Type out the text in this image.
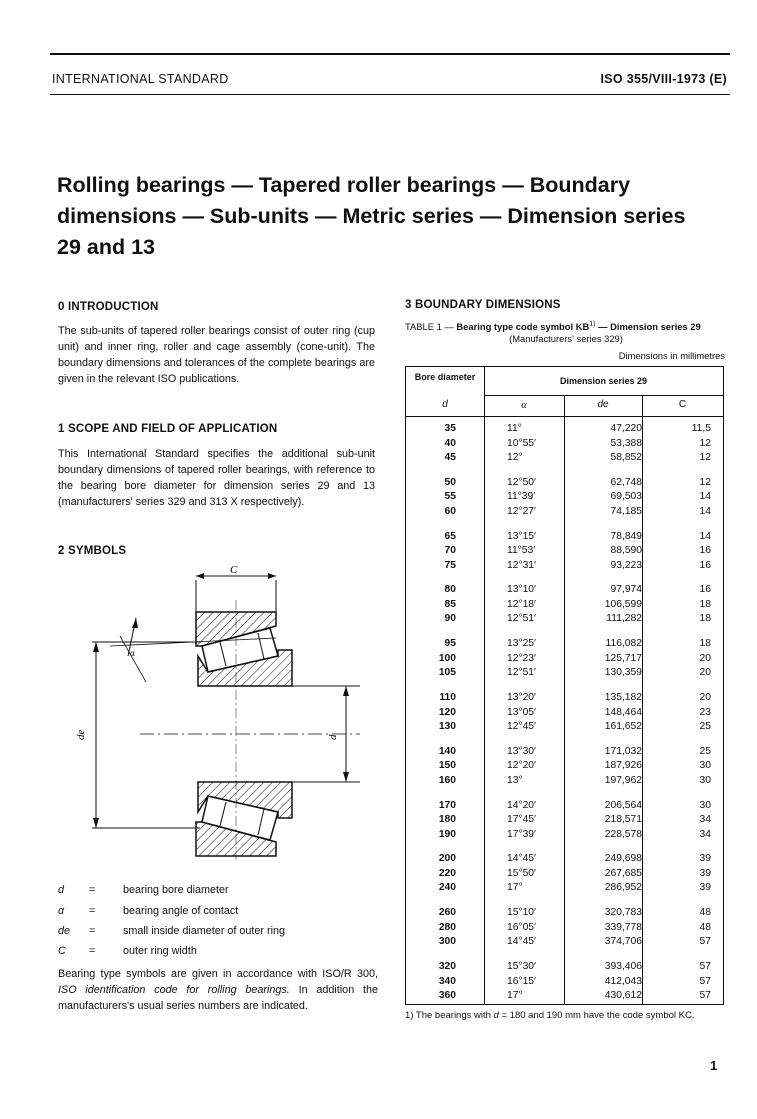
INTERNATIONAL STANDARD	ISO 355/VIII-1973 (E)
Rolling bearings — Tapered roller bearings — Boundary dimensions — Sub-units — Metric series — Dimension series 29 and 13
0 INTRODUCTION
The sub-units of tapered roller bearings consist of outer ring (cup unit) and inner ring, roller and cage assembly (cone-unit). The boundary dimensions and tolerances of the complete bearings are given in the relevant ISO publications.
1 SCOPE AND FIELD OF APPLICATION
This International Standard specifies the additional sub-unit boundary dimensions of tapered roller bearings, with reference to the bearing bore diameter for dimension series 29 and 13 (manufacturers' series 329 and 313 X respectively).
2 SYMBOLS
C
de	d
α
d =	bearing bore diameter
α =	bearing angle of contact
de =	small inside diameter of outer ring
C =	outer ring width
Bearing type symbols are given in accordance with ISO/R 300, ISO identification code for rolling bearings. In addition the manufacturers's usual series numbers are indicated.
3 BOUNDARY DIMENSIONS
TABLE 1 — Bearing type code symbol KB$^{1)}$ — Dimension series 29
(Manufacturers' series 329)
Dimensions in millimetres
Bore diameter	Dimension series 29
d	α	de	C
35	11°	47,220	11,5
40	10°55′	53,388	12
45	12°	58,852	12
50	12°50′	62,748	12
55	11°39′	69,503	14
60	12°27′	74,185	14
65	13°15′	78,849	14
70	11°53′	88,590	16
75	12°31′	93,223	16
80	13°10′	97,974	16
85	12°18′	106,599	18
90	12°51′	111,282	18
95	13°25′	116,082	18
100	12°23′	125,717	20
105	12°51′	130,359	20
110	13°20′	135,182	20
120	13°05′	148,464	23
130	12°45′	161,652	25
140	13°30′	171,032	25
150	12°20′	187,926	30
160	13°	197,962	30
170	14°20′	206,564	30
180	17°45′	218,571	34
190	17°39′	228,578	34
200	14°45′	249,698	39
220	15°50′	267,685	39
240	17°	286,952	39
260	15°10′	320,783	48
280	16°05′	339,778	48
300	14°45′	374,706	57
320	15°30′	393,406	57
340	16°15′	412,043	57
360	17°	430,612	57
1) The bearings with d = 180 and 190 mm have the code symbol KC.
1
